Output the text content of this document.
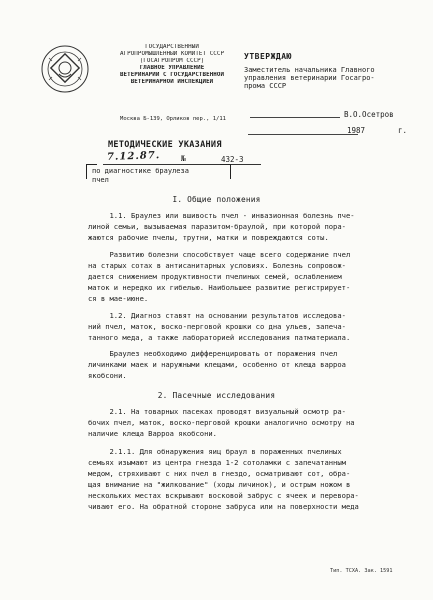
ГОСУДАРСТВЕННЫЙ
АГРОПРОМЫШЛЕННЫЙ КОМИТЕТ СССР
(ГОСАГРОПРОМ СССР)
ГЛАВНОЕ УПРАВЛЕНИЕ
ВЕТЕРИНАРИИ С ГОСУДАРСТВЕННОЙ
ВЕТЕРИНАРНОЙ ИНСПЕКЦИЕЙ
Москва Б-139, Орликов пер., 1/11
МЕТОДИЧЕСКИЕ УКАЗАНИЯ
7.12.87.	№	432-3
по диагностике браулеза
пчел
УТВЕРЖДАЮ
Заместитель начальника Главного
управления ветеринарии Госагро-
прома СССР
В.О.Осетров
1987	г.
I. Общие положения
1.1. Браулез или вшивость пчел - инвазионная болезнь пче-
линой семьи, вызываемая паразитом-браулой, при которой пора-
жаются рабочие пчелы, трутни, матки и повреждаются соты.
Развитию болезни способствует чаще всего содержание пчел
на старых сотах в антисанитарных условиях. Болезнь сопровож-
дается снижением продуктивности пчелиных семей, ослаблением
маток и нередко их гибелью. Наибольшее развитие регистрирует-
ся в мае-июне.
1.2. Диагноз ставят на основании результатов исследова-
ний пчел, маток, воско-перговой крошки со дна ульев, запеча-
танного меда, а также лабораторией исследования патматериала.
Браулез необходимо дифференцировать от поражения пчел
личинками маек и наружными клещами, особенно от клеща варроа
якобсони.
2. Пасечные исследования
2.1. На товарных пасеках проводят визуальный осмотр ра-
бочих пчел, маток, воско-перговой крошки аналогично осмотру на
наличие клеща Варроа якобсони.
2.1.1. Для обнаружения яиц браул в пораженных пчелиных
семьях изымают из центра гнезда 1-2 сотоламки с запечатанным
медом, стряхивают с них пчел в гнездо, осматривают сот, обра-
щая внимание на "жилкование" (ходы личинок), и острым ножом в
нескольких местах вскрывают восковой забрус с ячеек и перевора-
чивают его. На обратной стороне забруса или на поверхности меда
Тип. ТСХА. Зак. 1591
